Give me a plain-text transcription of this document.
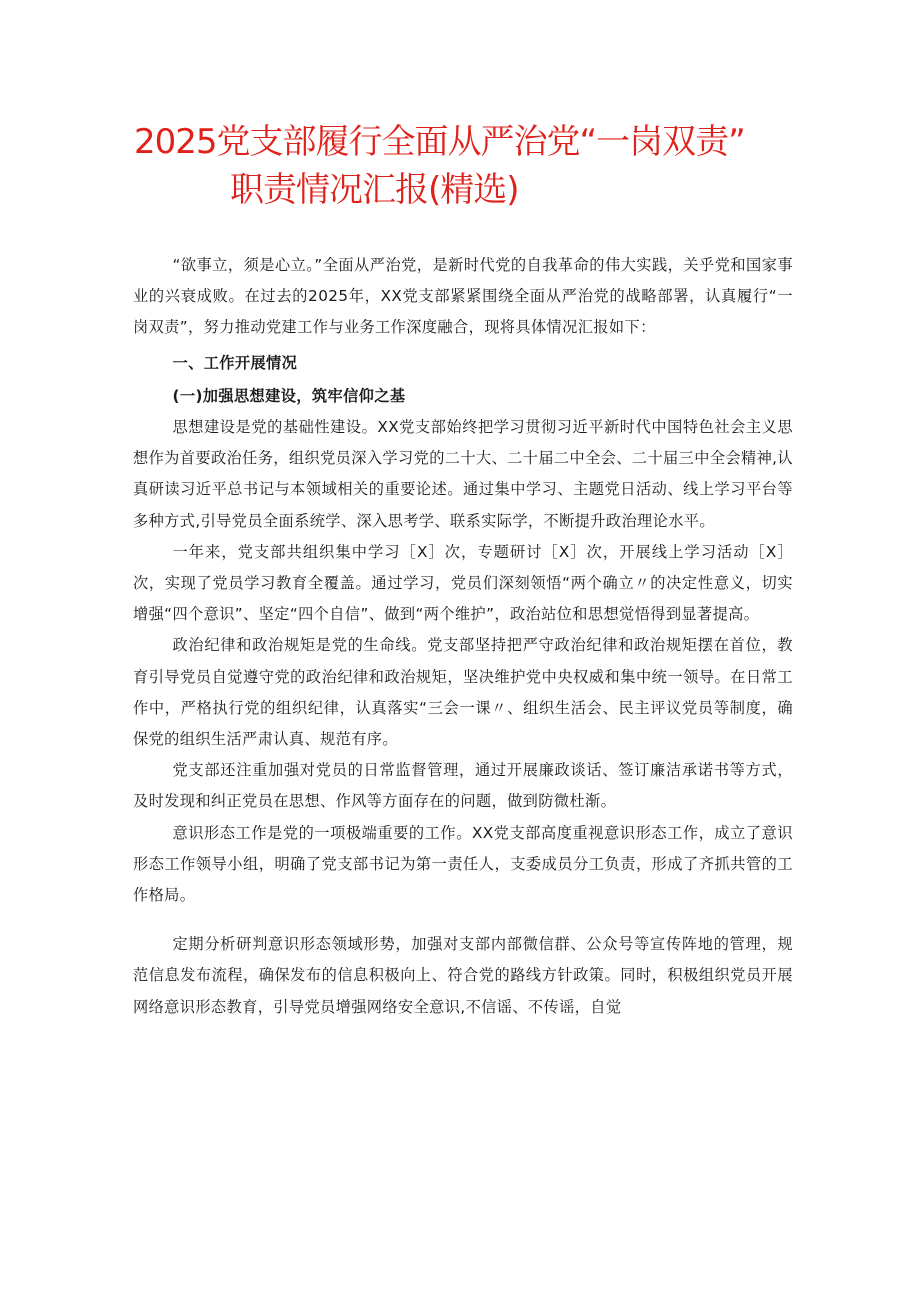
2025党支部履行全面从严治党“一岗双责”
职责情况汇报(精选)

“欲事立，须是心立。”全面从严治党，是新时代党的自我革命的伟大实践，关乎党和国家事业的兴衰成败。在过去的2025年，XX党支部紧紧围绕全面从严治党的战略部署，认真履行“一岗双责”，努力推动党建工作与业务工作深度融合，现将具体情况汇报如下：

一、工作开展情况
(一)加强思想建设，筑牢信仰之基

思想建设是党的基础性建设。XX党支部始终把学习贯彻习近平新时代中国特色社会主义思想作为首要政治任务，组织党员深入学习党的二十大、二十届二中全会、二十届三中全会精神,认真研读习近平总书记与本领域相关的重要论述。通过集中学习、主题党日活动、线上学习平台等多种方式,引导党员全面系统学、深入思考学、联系实际学，不断提升政治理论水平。

一年来，党支部共组织集中学习［X］次，专题研讨［X］次，开展线上学习活动［X］次，实现了党员学习教育全覆盖。通过学习，党员们深刻领悟“两个确立〃的决定性意义，切实增强“四个意识”、坚定“四个自信”、做到“两个维护”，政治站位和思想觉悟得到显著提高。

政治纪律和政治规矩是党的生命线。党支部坚持把严守政治纪律和政治规矩摆在首位，教育引导党员自觉遵守党的政治纪律和政治规矩，坚决维护党中央权威和集中统一领导。在日常工作中，严格执行党的组织纪律，认真落实“三会一课〃、组织生活会、民主评议党员等制度，确保党的组织生活严肃认真、规范有序。

党支部还注重加强对党员的日常监督管理，通过开展廉政谈话、签订廉洁承诺书等方式，及时发现和纠正党员在思想、作风等方面存在的问题，做到防微杜渐。

意识形态工作是党的一项极端重要的工作。XX党支部高度重视意识形态工作，成立了意识形态工作领导小组，明确了党支部书记为第一责任人，支委成员分工负责，形成了齐抓共管的工作格局。

定期分析研判意识形态领域形势，加强对支部内部微信群、公众号等宣传阵地的管理，规范信息发布流程，确保发布的信息积极向上、符合党的路线方针政策。同时，积极组织党员开展网络意识形态教育，引导党员增强网络安全意识,不信谣、不传谣，自觉
